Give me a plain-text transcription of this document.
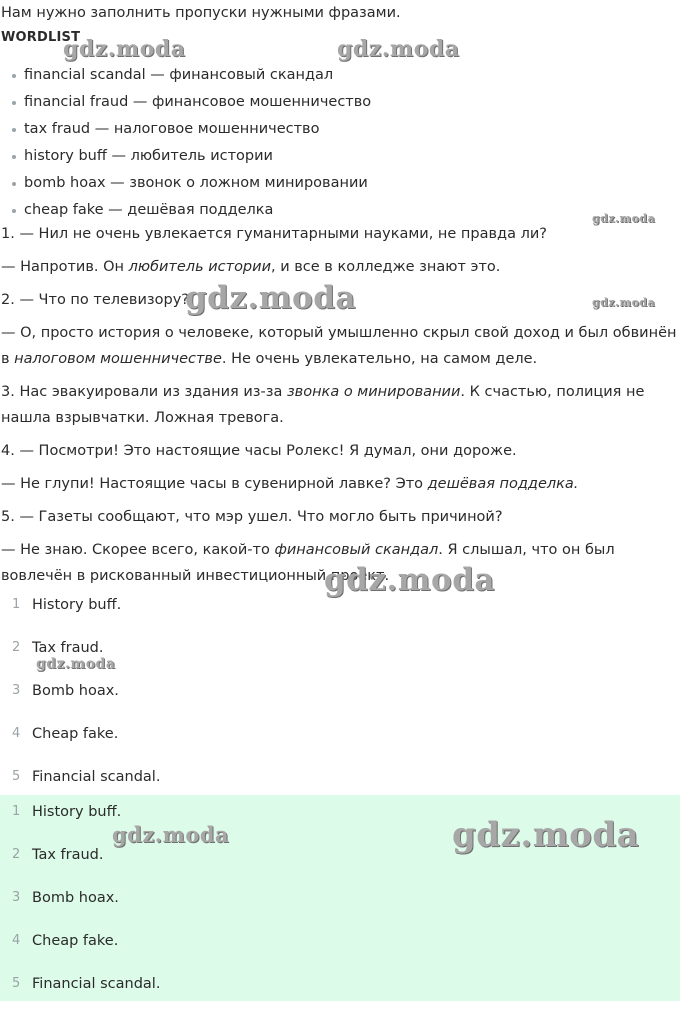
Нам нужно заполнить пропуски нужными фразами.

WORDLIST
financial scandal — финансовый скандал
financial fraud — финансовое мошенничество
tax fraud — налоговое мошенничество
history buff — любитель истории
bomb hoax — звонок о ложном минировании
cheap fake — дешёвая подделка
1. — Нил не очень увлекается гуманитарными науками, не правда ли?
— Напротив. Он любитель истории, и все в колледже знают это.
2. — Что по телевизору?
— О, просто история о человеке, который умышленно скрыл свой доход и был обвинён в налоговом мошенничестве. Не очень увлекательно, на самом деле.
3. Нас эвакуировали из здания из-за звонка о минировании. К счастью, полиция не нашла взрывчатки. Ложная тревога.
4. — Посмотри! Это настоящие часы Ролекс! Я думал, они дороже.
— Не глупи! Настоящие часы в сувенирной лавке? Это дешёвая подделка.
5. — Газеты сообщают, что мэр ушел. Что могло быть причиной?
— Не знаю. Скорее всего, какой-то финансовый скандал. Я слышал, что он был вовлечён в рискованный инвестиционный проект.
1 History buff.
2 Tax fraud.
3 Bomb hoax.
4 Cheap fake.
5 Financial scandal.
1 History buff.
2 Tax fraud.
3 Bomb hoax.
4 Cheap fake.
5 Financial scandal.
gdz.moda	gdz.moda
gdz.moda
gdz.moda	gdz.moda
gdz.moda
gdz.moda
gdz.moda	gdz.moda
